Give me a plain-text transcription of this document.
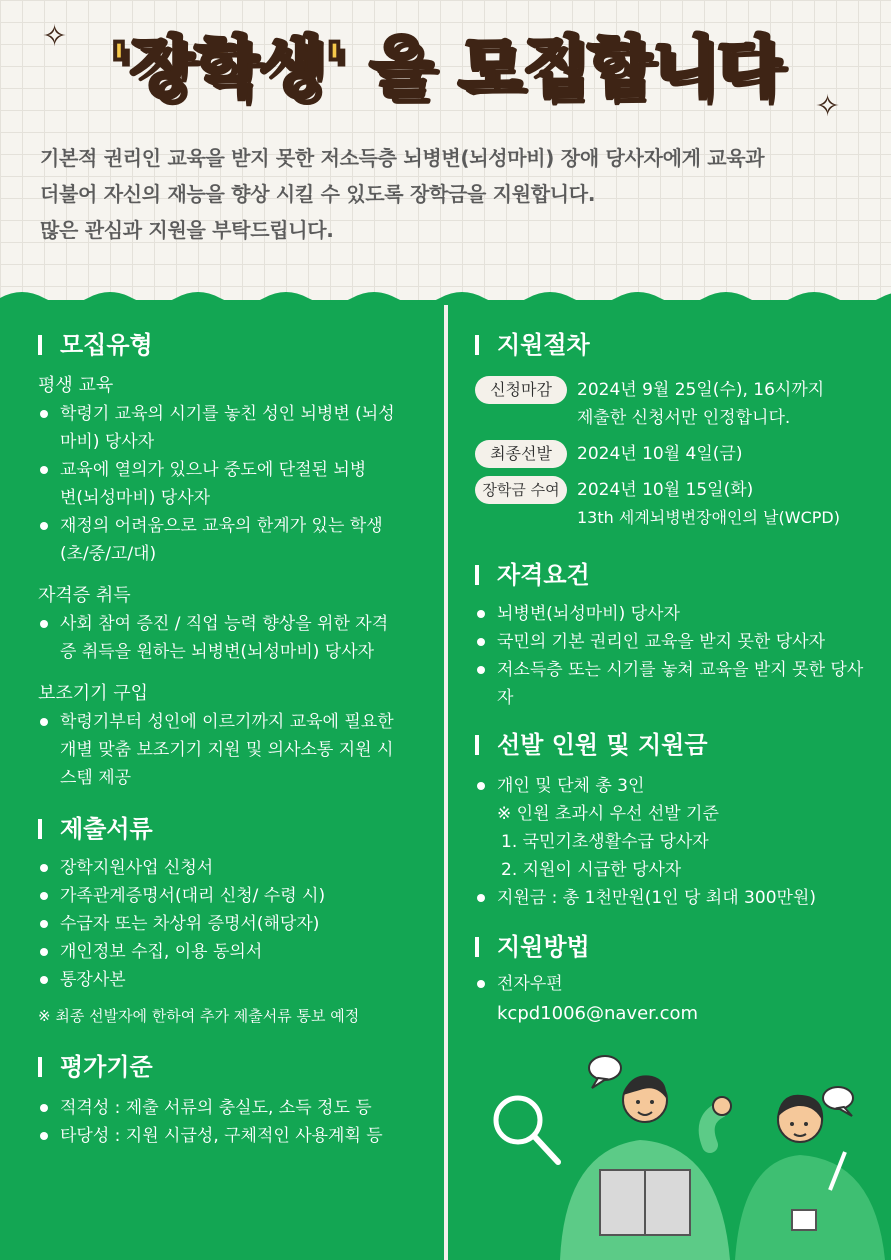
✧
✧
'장학생' 을 모집합니다
기본적 권리인 교육을 받지 못한 저소득층 뇌병변(뇌성마비) 장애 당사자에게 교육과
더불어 자신의 재능을 향상 시킬 수 있도록 장학금을 지원합니다.
많은 관심과 지원을 부탁드립니다.
모집유형
평생 교육
학령기 교육의 시기를 놓친 성인 뇌병변 (뇌성마비) 당사자
교육에 열의가 있으나 중도에 단절된 뇌병변(뇌성마비) 당사자
재정의 어려움으로 교육의 한계가 있는 학생(초/중/고/대)
자격증 취득
사회 참여 증진 / 직업 능력 향상을 위한 자격증 취득을 원하는 뇌병변(뇌성마비) 당사자
보조기기 구입
학령기부터 성인에 이르기까지 교육에 필요한 개별 맞춤 보조기기 지원 및 의사소통 지원 시스템 제공
제출서류
장학지원사업 신청서
가족관계증명서(대리 신청/ 수령 시)
수급자 또는 차상위 증명서(해당자)
개인정보 수집, 이용 동의서
통장사본
※ 최종 선발자에 한하여 추가 제출서류 통보 예정
평가기준
적격성 : 제출 서류의 충실도, 소득 정도 등
타당성 : 지원 시급성, 구체적인 사용계획 등
지원절차
신청마감	2024년 9월 25일(수), 16시까지
제출한 신청서만 인정합니다.
최종선발	2024년 10월 4일(금)
장학금 수여	2024년 10월 15일(화)
13th 세계뇌병변장애인의 날(WCPD)
자격요건
뇌병변(뇌성마비) 당사자
국민의 기본 권리인 교육을 받지 못한 당사자
저소득층 또는 시기를 놓쳐 교육을 받지 못한 당사자
선발 인원 및 지원금
개인 및 단체 총 3인
※ 인원 초과시 우선 선발 기준
1. 국민기초생활수급 당사자
2. 지원이 시급한 당사자
지원금 : 총 1천만원(1인 당 최대 300만원)
지원방법
전자우편
kcpd1006@naver.com
